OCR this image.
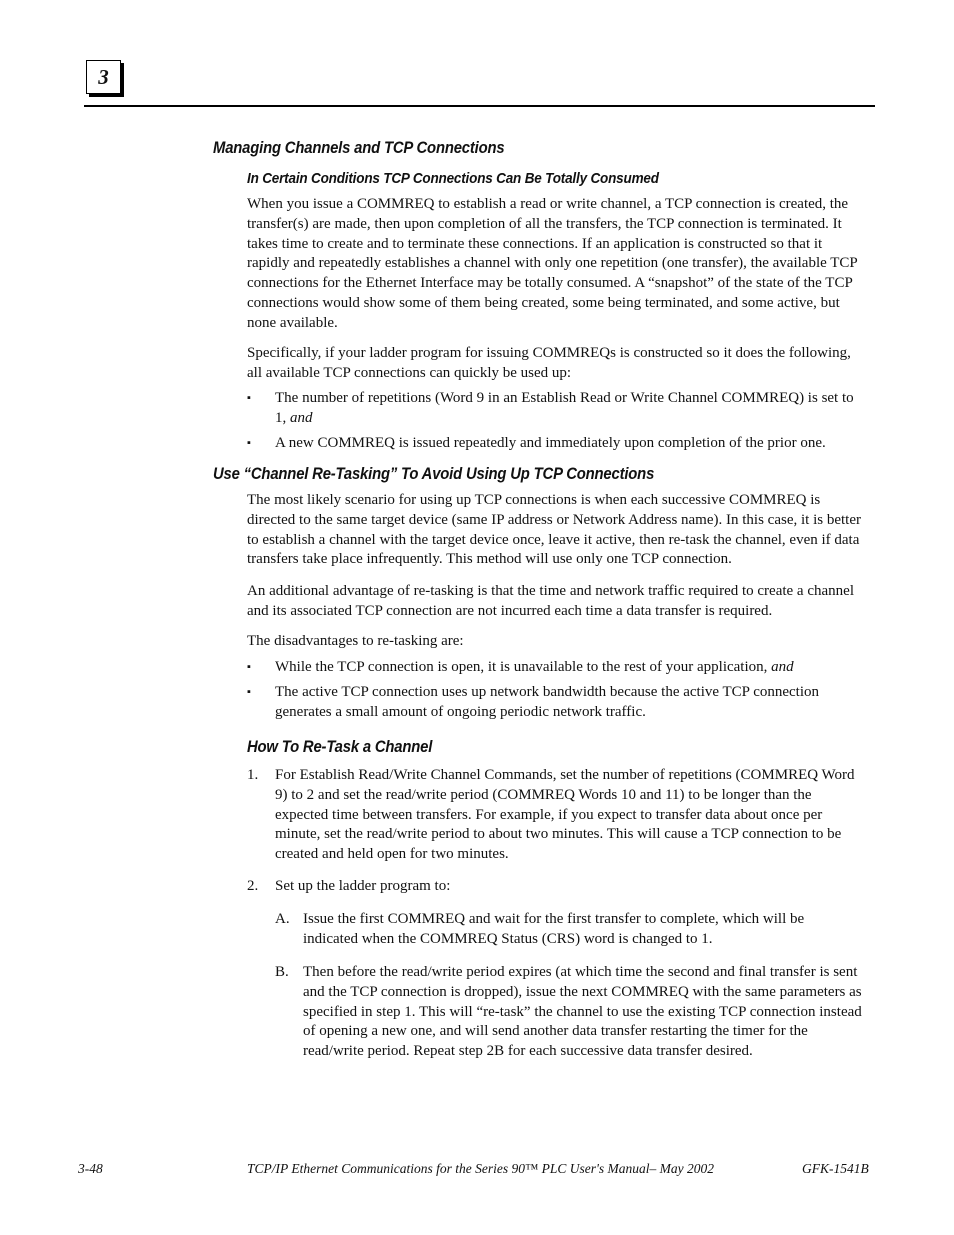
3
Managing Channels and TCP Connections
In Certain Conditions TCP Connections Can Be Totally Consumed

When you issue a COMMREQ to establish a read or write channel, a TCP connection is created, the transfer(s) are made, then upon completion of all the transfers, the TCP connection is terminated. It takes time to create and to terminate these connections. If an application is constructed so that it rapidly and repeatedly establishes a channel with only one repetition (one transfer), the available TCP connections for the Ethernet Interface may be totally consumed. A “snapshot” of the state of the TCP connections would show some of them being created, some being terminated, and some active, but none available.

Specifically, if your ladder program for issuing COMMREQs is constructed so it does the following, all available TCP connections can quickly be used up:

▪ The number of repetitions (Word 9 in an Establish Read or Write Channel COMMREQ) is set to 1, and
▪ A new COMMREQ is issued repeatedly and immediately upon completion of the prior one.
Use “Channel Re-Tasking” To Avoid Using Up TCP Connections

The most likely scenario for using up TCP connections is when each successive COMMREQ is directed to the same target device (same IP address or Network Address name). In this case, it is better to establish a channel with the target device once, leave it active, then re-task the channel, even if data transfers take place infrequently. This method will use only one TCP connection.

An additional advantage of re-tasking is that the time and network traffic required to create a channel and its associated TCP connection are not incurred each time a data transfer is required.

The disadvantages to re-tasking are:

▪ While the TCP connection is open, it is unavailable to the rest of your application, and
▪ The active TCP connection uses up network bandwidth because the active TCP connection generates a small amount of ongoing periodic network traffic.
How To Re-Task a Channel
1. For Establish Read/Write Channel Commands, set the number of repetitions (COMMREQ Word 9) to 2 and set the read/write period (COMMREQ Words 10 and 11) to be longer than the expected time between transfers. For example, if you expect to transfer data about once per minute, set the read/write period to about two minutes. This will cause a TCP connection to be created and held open for two minutes.
2. Set up the ladder program to:
A. Issue the first COMMREQ and wait for the first transfer to complete, which will be indicated when the COMMREQ Status (CRS) word is changed to 1.
B. Then before the read/write period expires (at which time the second and final transfer is sent and the TCP connection is dropped), issue the next COMMREQ with the same parameters as specified in step 1. This will “re-task” the channel to use the existing TCP connection instead of opening a new one, and will send another data transfer restarting the timer for the read/write period. Repeat step 2B for each successive data transfer desired.
3-48	TCP/IP Ethernet Communications for the Series 90™ PLC User's Manual– May 2002	GFK-1541B
